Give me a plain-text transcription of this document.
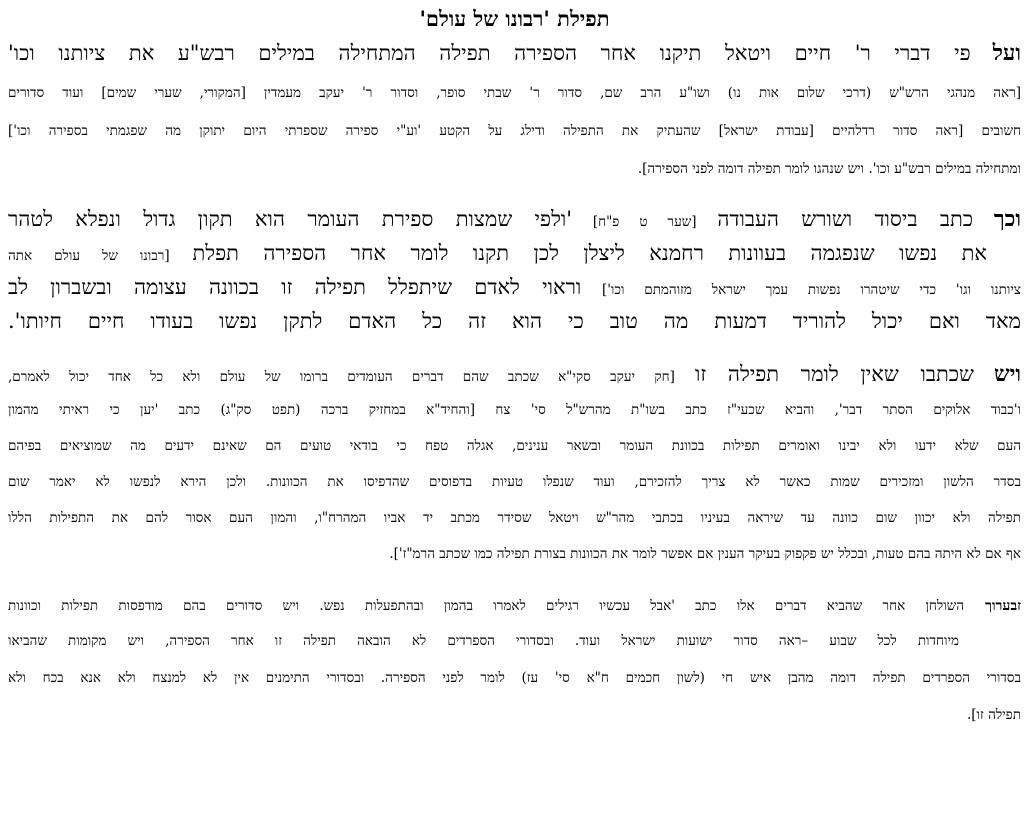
תפילת 'רבונו של עולם'
ועל פי דברי ר' חיים ויטאל תיקנו אחר הספירה תפילה המתחילה במילים רבש"ע את ציותנו וכו'
[ראה מנהגי הרש"ש (דרכי שלום אות נו) ושו"ע הרב שם, סדור ר' שבתי סופר, וסדור ר' יעקב מעמדין [המקורי, שערי שמים] ועוד סדורים
חשובים [ראה סדור רדלהיים [עבודת ישראל] שהעתיק את התפילה ודילג על הקטע 'וע"י ספירה שספרתי היום יתוקן מה שפגמתי בספירה וכו']
ומתחילה במילים רבש"ע וכו'. ויש שנהגו לומר תפילה דומה לפני הספירה].
וכך כתב ביסוד ושורש העבודה [שער ט פ"ח] 'ולפי שמצות ספירת העומר הוא תקון גדול ונפלא לטהר
את נפשו שנפגמה בעוונות רחמנא ליצלן לכן תקנו לומר אחר הספירה תפלת [רבונו של עולם אתה
ציותנו וגו' כדי שיטהרו נפשות עמך ישראל מזוהמתם וכו'] וראוי לאדם שיתפלל תפילה זו בכוונה עצומה ובשברון לב
מאד ואם יכול להוריד דמעות מה טוב כי הוא זה כל האדם לתקן נפשו בעודו חיים חיותו'.
ויש שכתבו שאין לומר תפילה זו [חק יעקב סקי"א שכתב שהם דברים העומדים ברומו של עולם ולא כל אחד יכול לאמרם,
ו'כבוד אלוקים הסתר דבר', והביא שכעי"ז כתב בשו"ת מהרש"ל סי' צח [והחיד"א במחזיק ברכה (תפט סק"ג) כתב 'יען כי ראיתי מהמון
העם שלא ידעו ולא יבינו ואומרים תפילות בכוונת העומר ובשאר ענינים, אגלה טפח כי בודאי טועים הם שאינם ידעים מה שמוציאים בפיהם
בסדר הלשון ומזכירים שמות כאשר לא צריך להזכירם, ועוד שנפלו טעיות בדפוסים שהדפיסו את הכוונות. ולכן הירא לנפשו לא יאמר שום
תפילה ולא יכוון שום כוונה עד שיראה בעיניו בכתבי מהר"ש ויטאל שסידר מכתב יד אביו המהרח"ו, והמון העם אסור להם את התפילות הללו
אף אם לא היתה בהם טעות, ובכלל יש פקפוק בעיקר הענין אם אפשר לומר את הכוונות בצורת תפילה כמו שכתב הרמ"ז'].
זבערוך השולחן אחר שהביא דברים אלו כתב 'אבל עכשיו רגילים לאמרו בהמון ובהתפעלות נפש. ויש סדורים בהם מודפסות תפילות וכוונות
מיוחדות לכל שבוע –ראה סדור ישועות ישראל ועוד. ובסדורי הספרדים לא הובאה תפילה זו אחר הספירה, ויש מקומות שהביאו
בסדורי הספרדים תפילה דומה מהבן איש חי (לשון חכמים ח"א סי' עז) לומר לפני הספירה. ובסדורי התימנים אין לא למנצח ולא אנא בכח ולא
תפילה זו].
